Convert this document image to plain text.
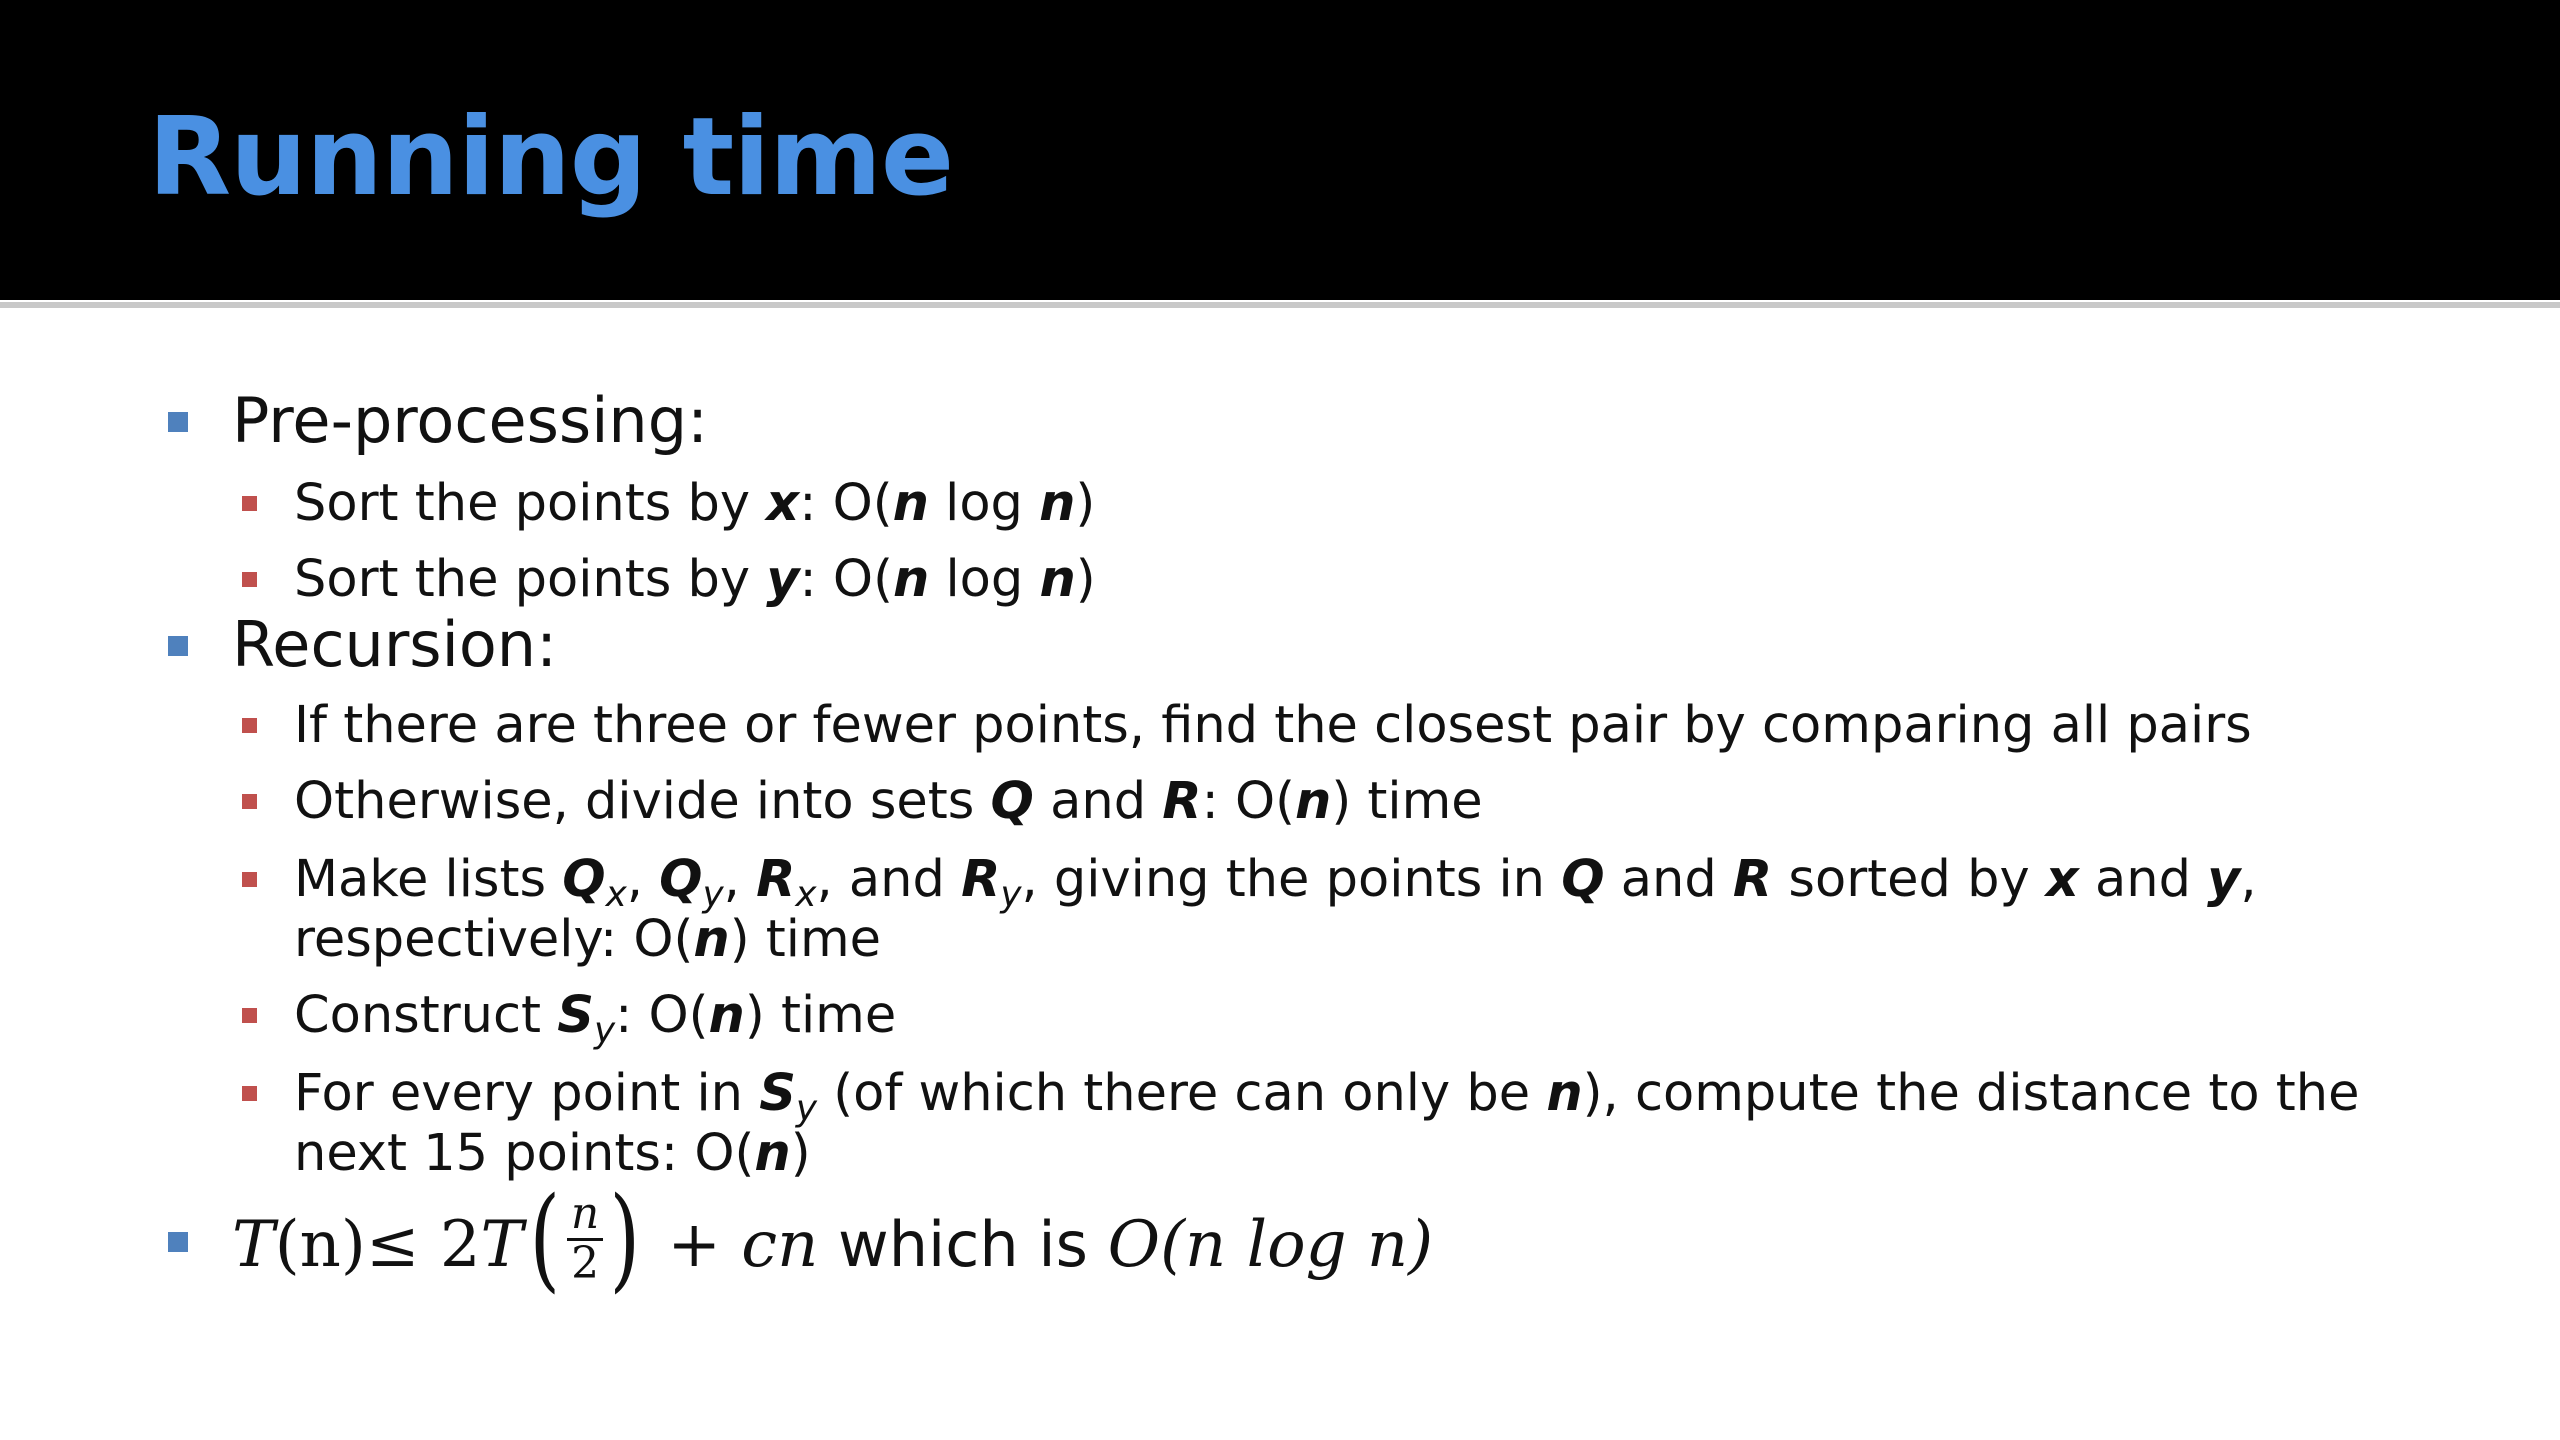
Running time
Pre-processing:
Sort the points by x: O(n log n)
Sort the points by y: O(n log n)
Recursion:
If there are three or fewer points, find the closest pair by comparing all pairs
Otherwise, divide into sets Q and R: O(n) time
Make lists Qx, Qy, Rx, and Ry, giving the points in Q and R sorted by x and y,
respectively: O(n) time
Construct Sy: O(n) time
For every point in Sy (of which there can only be n), compute the distance to the
next 15 points: O(n)
T (n) ≤ 2 T ( $\frac{n}{2}$ ) + cn which is O (n log n)
